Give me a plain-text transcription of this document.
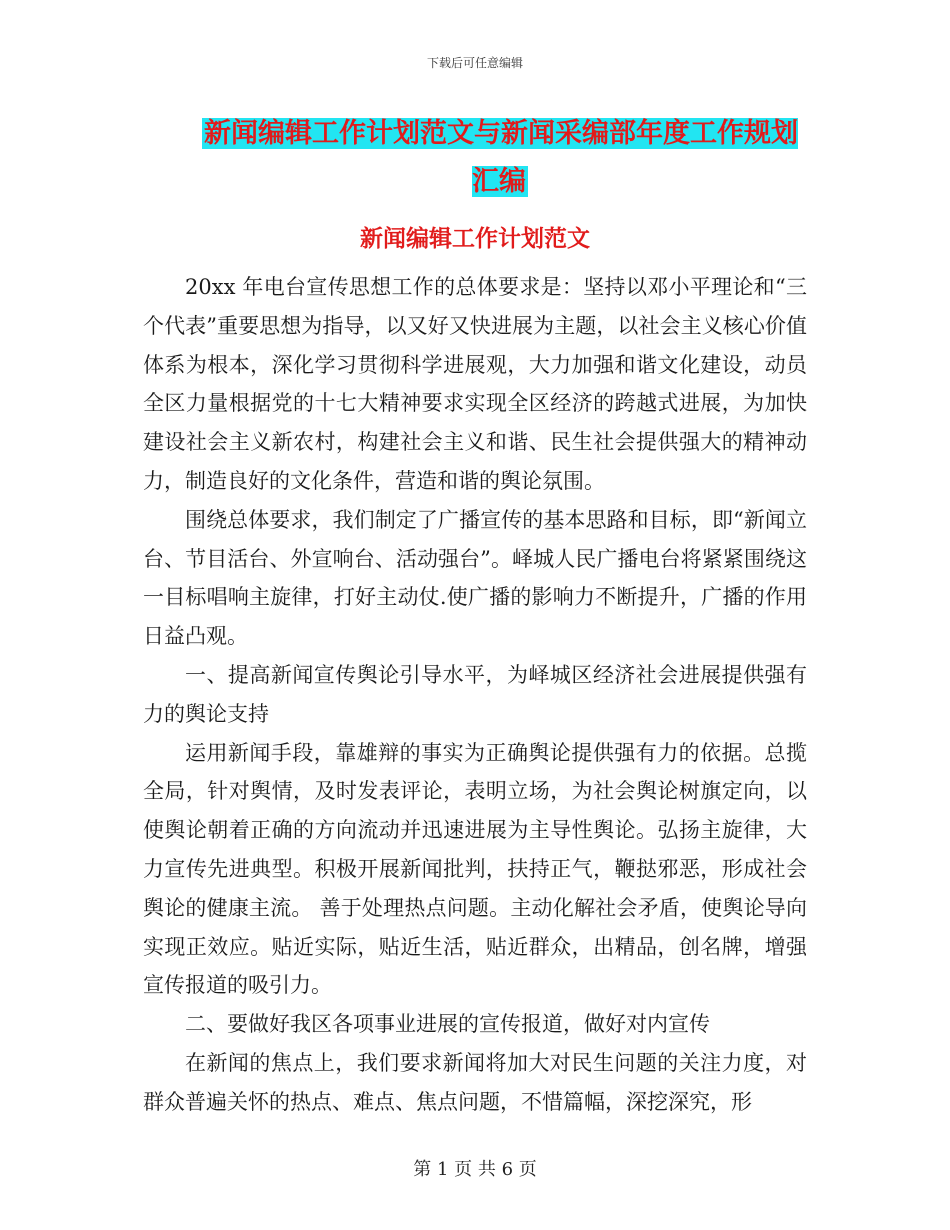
下载后可任意编辑
新闻编辑工作计划范文与新闻采编部年度工作规划汇编
新闻编辑工作计划范文

20xx 年电台宣传思想工作的总体要求是：坚持以邓小平理论和“三个代表”重要思想为指导，以又好又快进展为主题，以社会主义核心价值体系为根本，深化学习贯彻科学进展观，大力加强和谐文化建设，动员全区力量根据党的十七大精神要求实现全区经济的跨越式进展，为加快建设社会主义新农村，构建社会主义和谐、民生社会提供强大的精神动力，制造良好的文化条件，营造和谐的舆论氛围。

围绕总体要求，我们制定了广播宣传的基本思路和目标，即“新闻立台、节目活台、外宣响台、活动强台”。峄城人民广播电台将紧紧围绕这一目标唱响主旋律，打好主动仗.使广播的影响力不断提升，广播的作用日益凸观。

一、提高新闻宣传舆论引导水平，为峄城区经济社会进展提供强有力的舆论支持

运用新闻手段，靠雄辩的事实为正确舆论提供强有力的依据。总揽全局，针对舆情，及时发表评论，表明立场，为社会舆论树旗定向，以使舆论朝着正确的方向流动并迅速进展为主导性舆论。弘扬主旋律，大力宣传先进典型。积极开展新闻批判，扶持正气，鞭挞邪恶，形成社会舆论的健康主流。 善于处理热点问题。主动化解社会矛盾，使舆论导向实现正效应。贴近实际，贴近生活，贴近群众，出精品，创名牌，增强宣传报道的吸引力。

二、要做好我区各项事业进展的宣传报道，做好对内宣传

在新闻的焦点上，我们要求新闻将加大对民生问题的关注力度，对群众普遍关怀的热点、难点、焦点问题，不惜篇幅，深挖深究，形

第 1 页 共 6 页
